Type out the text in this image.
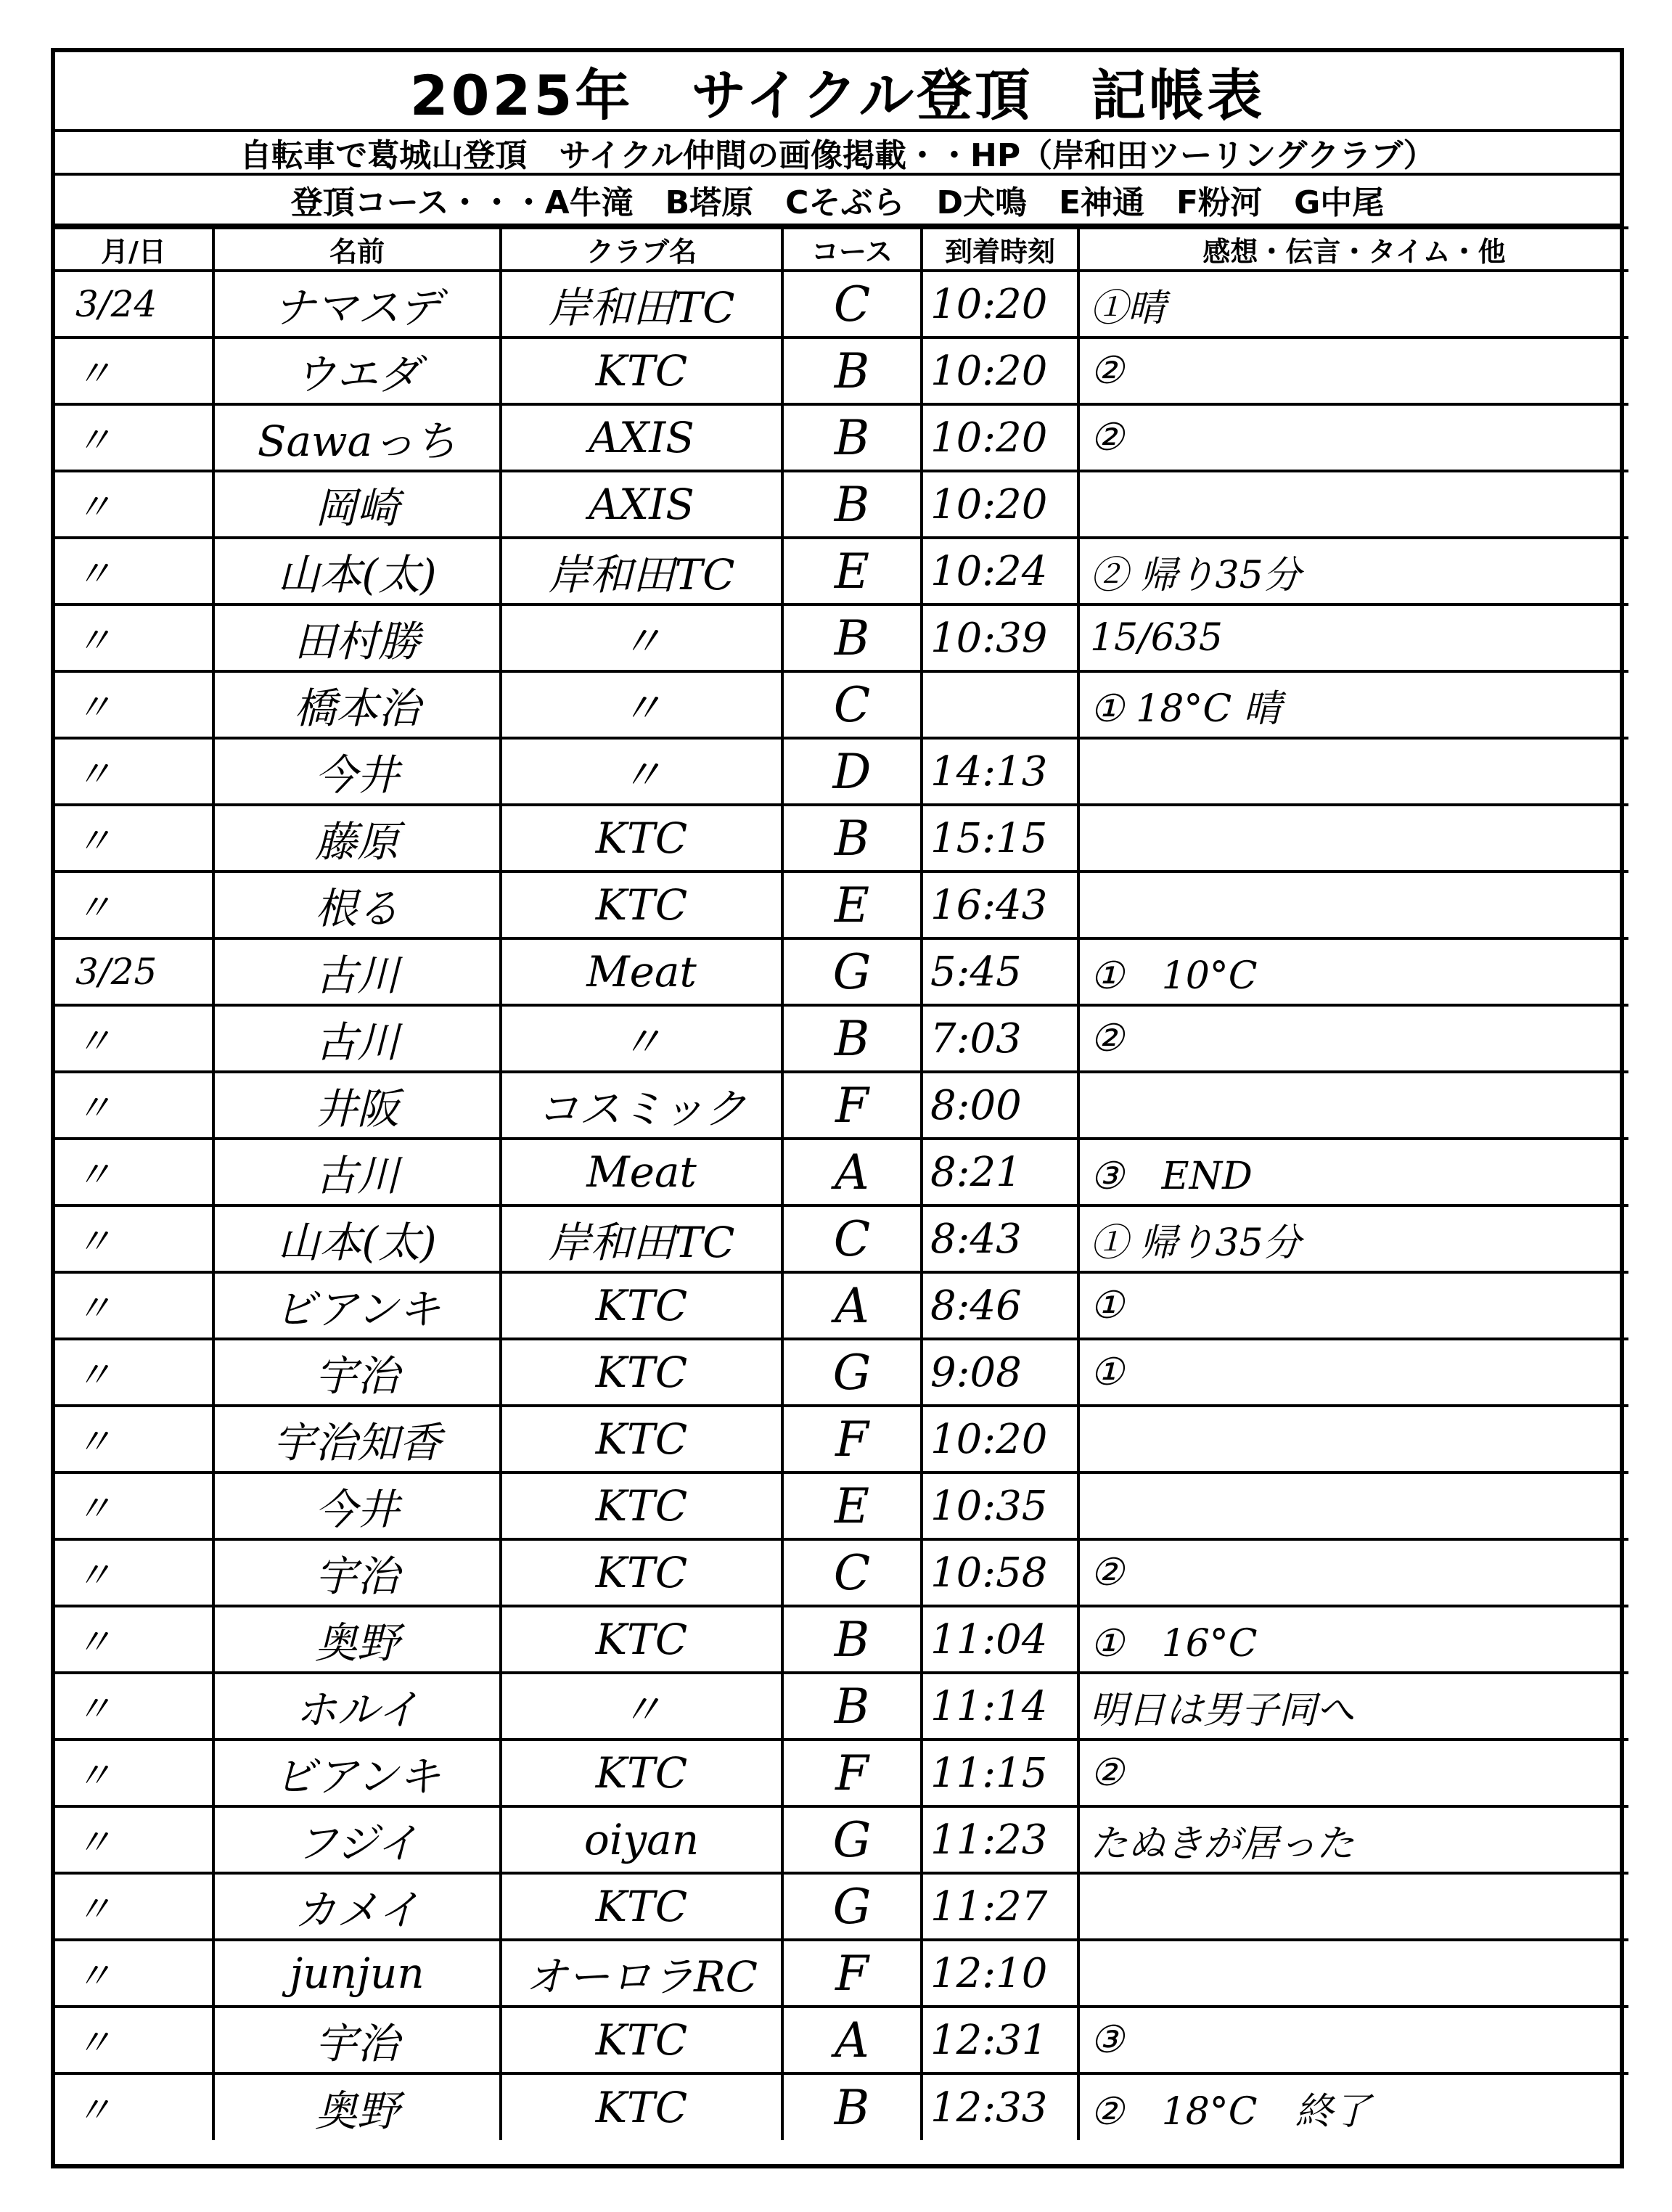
2025年　サイクル登頂　記帳表
自転車で葛城山登頂　サイクル仲間の画像掲載・・HP（岸和田ツーリングクラブ）
登頂コース・・・A牛滝　B塔原　Cそぶら　D犬鳴　E神通　F粉河　G中尾
月/日	名前	クラブ名	コース	到着時刻	感想・伝言・タイム・他
3/24	ナマスデ	岸和田TC	C	10:20	①晴
〃	ウエダ	KTC	B	10:20	②
〃	Sawaっち	AXIS	B	10:20	②
〃	岡崎	AXIS	B	10:20	
〃	山本(太)	岸和田TC	E	10:24	② 帰り35分
〃	田村勝	〃	B	10:39	15/635
〃	橋本治	〃	C		① 18°C 晴
〃	今井	〃	D	14:13	
〃	藤原	KTC	B	15:15	
〃	根る	KTC	E	16:43	
3/25	古川	Meat	G	5:45	①　10°C
〃	古川	〃	B	7:03	②
〃	井阪	コスミック	F	8:00	
〃	古川	Meat	A	8:21	③　END
〃	山本(太)	岸和田TC	C	8:43	① 帰り35分
〃	ビアンキ	KTC	A	8:46	①
〃	宇治	KTC	G	9:08	①
〃	宇治知香	KTC	F	10:20	
〃	今井	KTC	E	10:35	
〃	宇治	KTC	C	10:58	②
〃	奥野	KTC	B	11:04	①　16°C
〃	ホルイ	〃	B	11:14	明日は男子同へ
〃	ビアンキ	KTC	F	11:15	②
〃	フジイ	oiyan	G	11:23	たぬきが居った
〃	カメイ	KTC	G	11:27	
〃	junjun	オーロラRC	F	12:10	
〃	宇治	KTC	A	12:31	③
〃	奥野	KTC	B	12:33	②　18°C　終了
